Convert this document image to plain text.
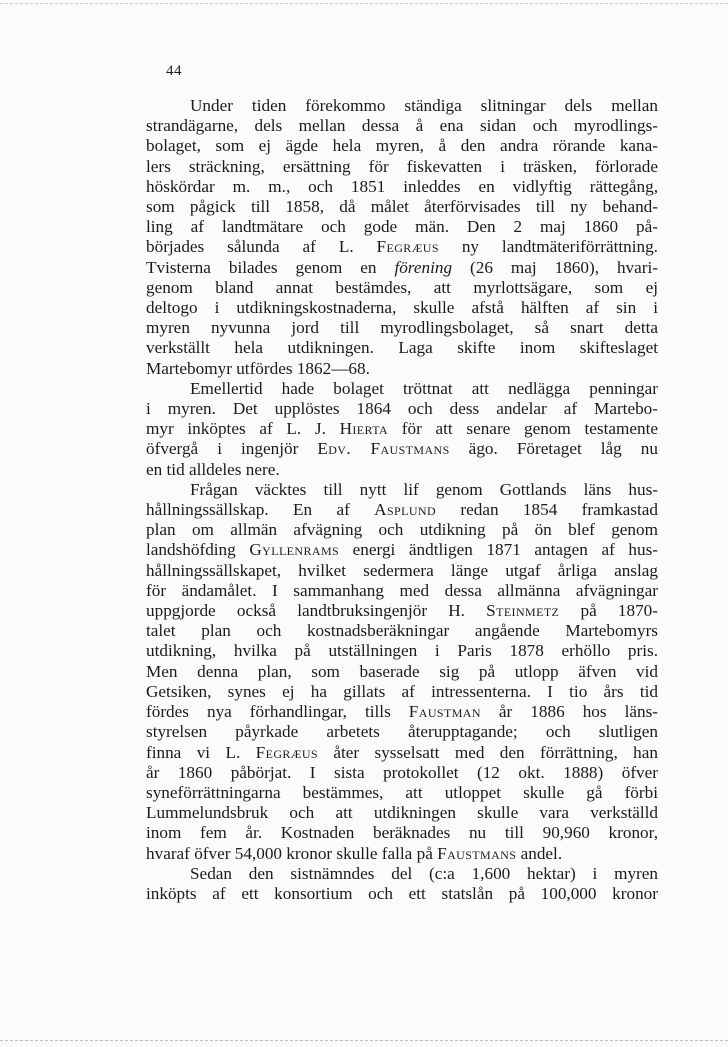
44

Under tiden förekommo ständiga slitningar dels mellan
strandägarne, dels mellan dessa å ena sidan och myrodlings-
bolaget, som ej ägde hela myren, å den andra rörande kana-
lers sträckning, ersättning för fiskevatten i träsken, förlorade
höskördar m. m., och 1851 inleddes en vidlyftig rättegång,
som pågick till 1858, då målet återförvisades till ny behand-
ling af landtmätare och gode män. Den 2 maj 1860 på-
börjades sålunda af L. Fegræus ny landtmäteriförrättning.
Tvisterna bilades genom en förening (26 maj 1860), hvari-
genom bland annat bestämdes, att myrlottsägare, som ej
deltogo i utdikningskostnaderna, skulle afstå hälften af sin i
myren nyvunna jord till myrodlingsbolaget, så snart detta
verkställt hela utdikningen. Laga skifte inom skifteslaget
Martebomyr utfördes 1862—68.

Emellertid hade bolaget tröttnat att nedlägga penningar
i myren. Det upplöstes 1864 och dess andelar af Martebo-
myr inköptes af L. J. Hierta för att senare genom testamente
öfvergå i ingenjör Edv. Faustmans ägo. Företaget låg nu
en tid alldeles nere.

Frågan väcktes till nytt lif genom Gottlands läns hus-
hållningssällskap. En af Asplund redan 1854 framkastad
plan om allmän afvägning och utdikning på ön blef genom
landshöfding Gyllenrams energi ändtligen 1871 antagen af hus-
hållningssällskapet, hvilket sedermera länge utgaf årliga anslag
för ändamålet. I sammanhang med dessa allmänna afvägningar
uppgjorde också landtbruksingenjör H. Steinmetz på 1870-
talet plan och kostnadsberäkningar angående Martebomyrs
utdikning, hvilka på utställningen i Paris 1878 erhöllo pris.
Men denna plan, som baserade sig på utlopp äfven vid
Getsiken, synes ej ha gillats af intressenterna. I tio års tid
fördes nya förhandlingar, tills Faustman år 1886 hos läns-
styrelsen påyrkade arbetets återupptagande; och slutligen
finna vi L. Fegræus åter sysselsatt med den förrättning, han
år 1860 påbörjat. I sista protokollet (12 okt. 1888) öfver
syneförrättningarna bestämmes, att utloppet skulle gå förbi
Lummelundsbruk och att utdikningen skulle vara verkställd
inom fem år. Kostnaden beräknades nu till 90,960 kronor,
hvaraf öfver 54,000 kronor skulle falla på Faustmans andel.

Sedan den sistnämndes del (c:a 1,600 hektar) i myren
inköpts af ett konsortium och ett statslån på 100,000 kronor
